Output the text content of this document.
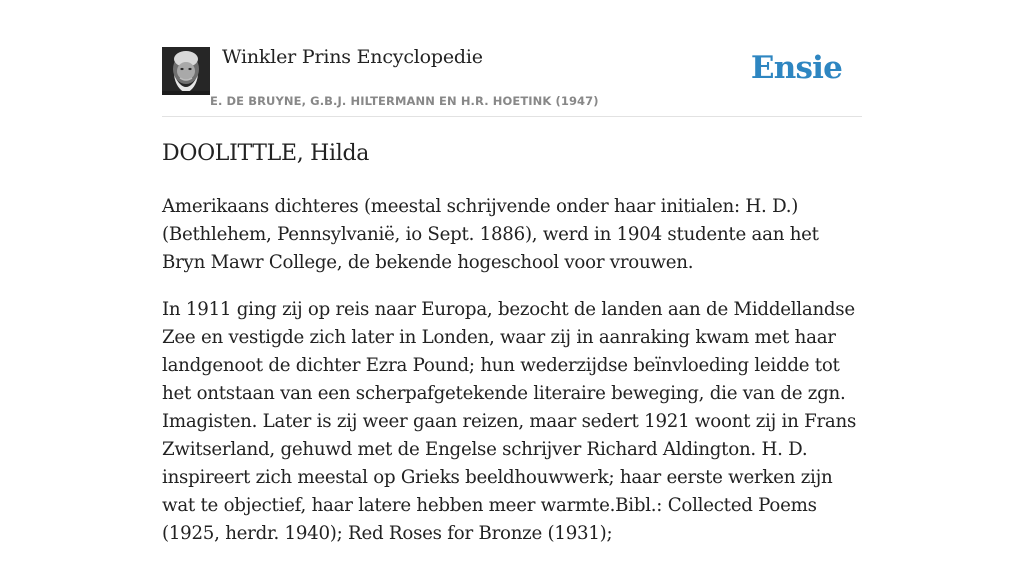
Winkler Prins Encyclopedie
E. DE BRUYNE, G.B.J. HILTERMANN EN H.R. HOETINK (1947)
Ensie
DOOLITTLE, Hilda

Amerikaans dichteres (meestal schrijvende onder haar initialen: H. D.) (Bethlehem, Pennsylvanië, io Sept. 1886), werd in 1904 studente aan het Bryn Mawr College, de bekende hogeschool voor vrouwen.

In 1911 ging zij op reis naar Europa, bezocht de landen aan de Middellandse Zee en vestigde zich later in Londen, waar zij in aanraking kwam met haar landgenoot de dichter Ezra Pound; hun wederzijdse beïnvloeding leidde tot het ontstaan van een scherpafgetekende literaire beweging, die van de zgn. Imagisten. Later is zij weer gaan reizen, maar sedert 1921 woont zij in Frans Zwitserland, gehuwd met de Engelse schrijver Richard Aldington. H. D. inspireert zich meestal op Grieks beeldhouwwerk; haar eerste werken zijn wat te objectief, haar latere hebben meer warmte.Bibl.: Collected Poems (1925, herdr. 1940); Red Roses for Bronze (1931);
